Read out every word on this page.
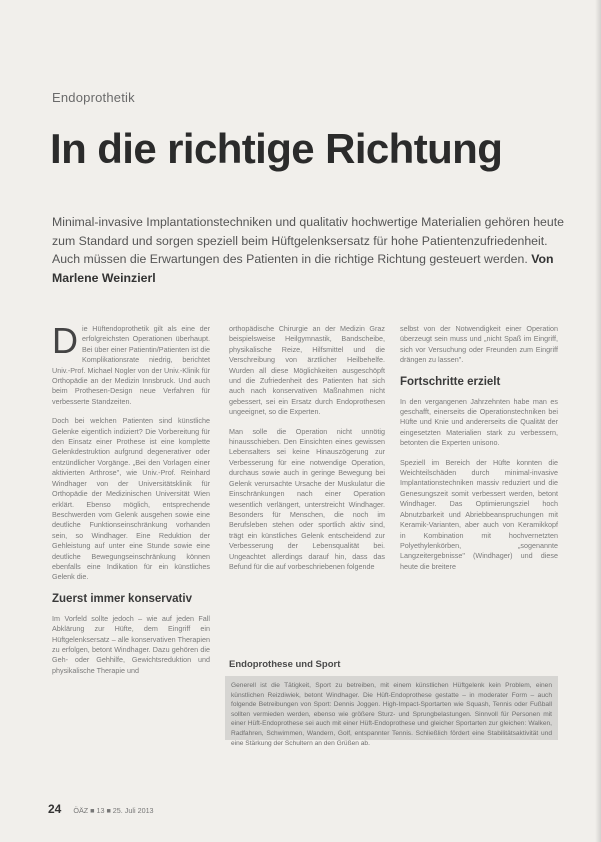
Endoprothetik
In die richtige Richtung
Minimal-invasive Implantationstechniken und qualitativ hochwertige Materialien gehören heute zum Standard und sorgen speziell beim Hüftgelenksersatz für hohe Patientenzufriedenheit. Auch müssen die Erwartungen des Patienten in die richtige Richtung gesteuert werden. Von Marlene Weinzierl

Die Hüftendoprothetik gilt als eine der erfolgreichsten Operationen überhaupt. Bei über einer Patientin/Patienten ist die Komplikationsrate niedrig, berichtet Univ.-Prof. Michael Nogler von der Univ.-Klinik für Orthopädie an der Medizin Innsbruck. Und auch beim Prothesen-Design neue Verfahren für verbesserte Standzeiten.

Doch bei welchen Patienten sind künstliche Gelenke eigentlich indiziert? Die Vorbereitung für den Einsatz einer Prothese ist eine komplette Gelenkdestruktion aufgrund degenerativer oder entzündlicher Vorgänge. „Bei den Vorlagen einer aktivierten Arthrose", wie Univ.-Prof. Reinhard Windhager von der Universitätsklinik für Orthopädie der Medizinischen Universität Wien erklärt. Ebenso möglich, entsprechende Beschwerden vom Gelenk ausgehen sowie eine deutliche Funktionseinschränkung vorhanden sein, so Windhager. Eine Reduktion der Gehleistung auf unter eine Stunde sowie eine deutliche Bewegungseinschränkung können ebenfalls eine Indikation für ein künstliches Gelenk die.

Zuerst immer konservativ

Im Vorfeld sollte jedoch – wie auf jeden Fall Abklärung zur Hüfte, dem Eingriff ein Hüftgelenksersatz – alle konservativen Therapien zu erfolgen, betont Windhager. Dazu gehören die Geh- oder Gehhilfe, Gewichtsreduktion und physikalische Therapie und

orthopädische Chirurgie an der Medizin Graz beispielsweise Heilgymnastik, Bandscheibe, physikalische Reize, Hilfsmittel und die Verschreibung von ärztlicher Heilbehelfe. Wurden all diese Möglichkeiten ausgeschöpft und die Zufriedenheit des Patienten hat sich auch nach konservativen Maßnahmen nicht gebessert, sei ein Ersatz durch Endoprothesen ungeeignet, so die Experten.

Man solle die Operation nicht unnötig hinausschieben. Den Einsichten eines gewissen Lebensalters sei keine Hinauszögerung zur Verbesserung für eine notwendige Operation, durchaus sowie auch in geringe Bewegung bei Gelenk verursachte Ursache der Muskulatur die Einschränkungen nach einer Operation wesentlich verlängert, unterstreicht Windhager. Besonders für Menschen, die noch im Berufsleben stehen oder sportlich aktiv sind, trägt ein künstliches Gelenk entscheidend zur Verbesserung der Lebensqualität bei. Ungeachtet allerdings darauf hin, dass das Befund für die auf vorbeschriebenen folgende

selbst von der Notwendigkeit einer Operation überzeugt sein muss und „nicht Spaß im Eingriff, sich vor Versuchung oder Freunden zum Eingriff drängen zu lassen".

Fortschritte erzielt

In den vergangenen Jahrzehnten habe man es geschafft, einerseits die Operationstechniken bei Hüfte und Knie und andererseits die Qualität der eingesetzten Materialien stark zu verbessern, betonten die Experten unisono.

Speziell im Bereich der Hüfte konnten die Weichteilschäden durch minimal-invasive Implantationstechniken massiv reduziert und die Genesungszeit somit verbessert werden, betont Windhager. Das Optimierungsziel hoch Abnutzbarkeit und Abriebbeanspruchungen mit Keramik-Varianten, aber auch von Keramikkopf in Kombination mit hochvernetzten Polyethylenkörben, „sogenannte Langzeitergebnisse" (Windhager) und diese heute die breitere

Endoprothese und Sport
Generell ist die Tätigkeit, Sport zu betreiben, mit einem künstlichen Hüftgelenk kein Problem, einen künstlichen Reizdiwiek, betont Windhager. Die Hüft-Endoprothese gestatte – in moderater Form – auch folgende Betreibungen von Sport: Dennis Joggen. High-Impact-Sportarten wie Squash, Tennis oder Fußball sollten vermieden werden, ebenso wie größere Sturz- und Sprungbelastungen. Sinnvoll für Personen mit einer Hüft-Endoprothese sei auch mit einer Hüft-Endoprothese und gleicher Sportarten zur gleichen: Walken, Radfahren, Schwimmen, Wandern, Golf, entspannter Tennis. Schließlich fördert eine Stabilitätsaktivität und eine Stärkung der Schultern an den Grüßen ab.
24 ÖÄZ ■ 13 ■ 25. Juli 2013
